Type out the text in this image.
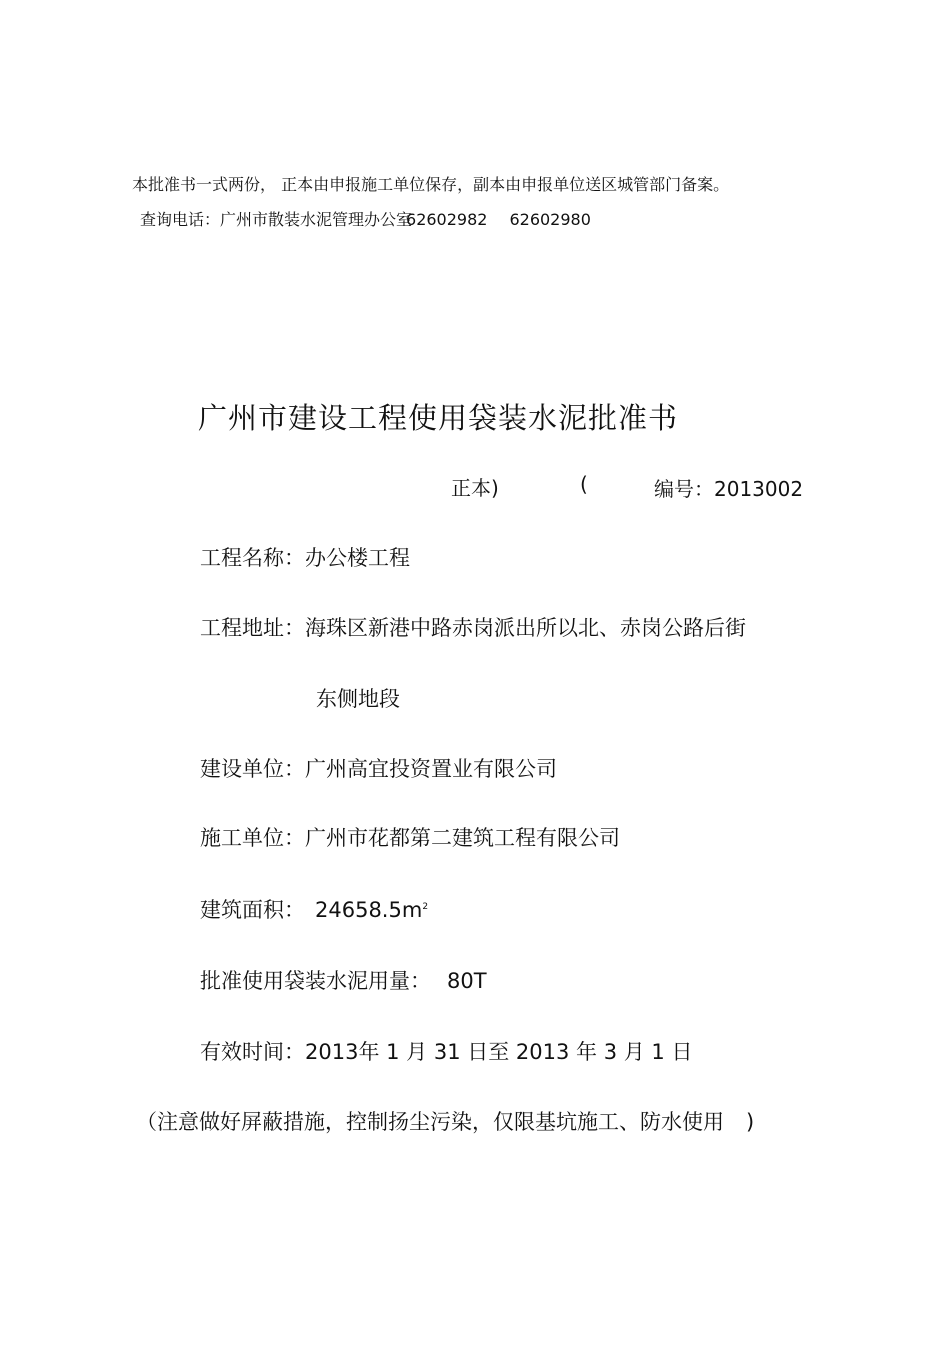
本批准书一式两份， 正本由申报施工单位保存，副本由申报单位送区城管部门备案。
查询电话：广州市散装水泥管理办公室62602982 62602980
广州市建设工程使用袋装水泥批准书
正本)	(	编号：2013002
工程名称：办公楼工程
工程地址：海珠区新港中路赤岗派出所以北、赤岗公路后街
东侧地段
建设单位：广州高宜投资置业有限公司
施工单位：广州市花都第二建筑工程有限公司
建筑面积： $24658.5m^2$
批准使用袋装水泥用量： 80T
有效时间：2013年 1 月 31 日至 2013 年 3 月 1 日
（注意做好屏蔽措施，控制扬尘污染，仅限基坑施工、防水使用 )
